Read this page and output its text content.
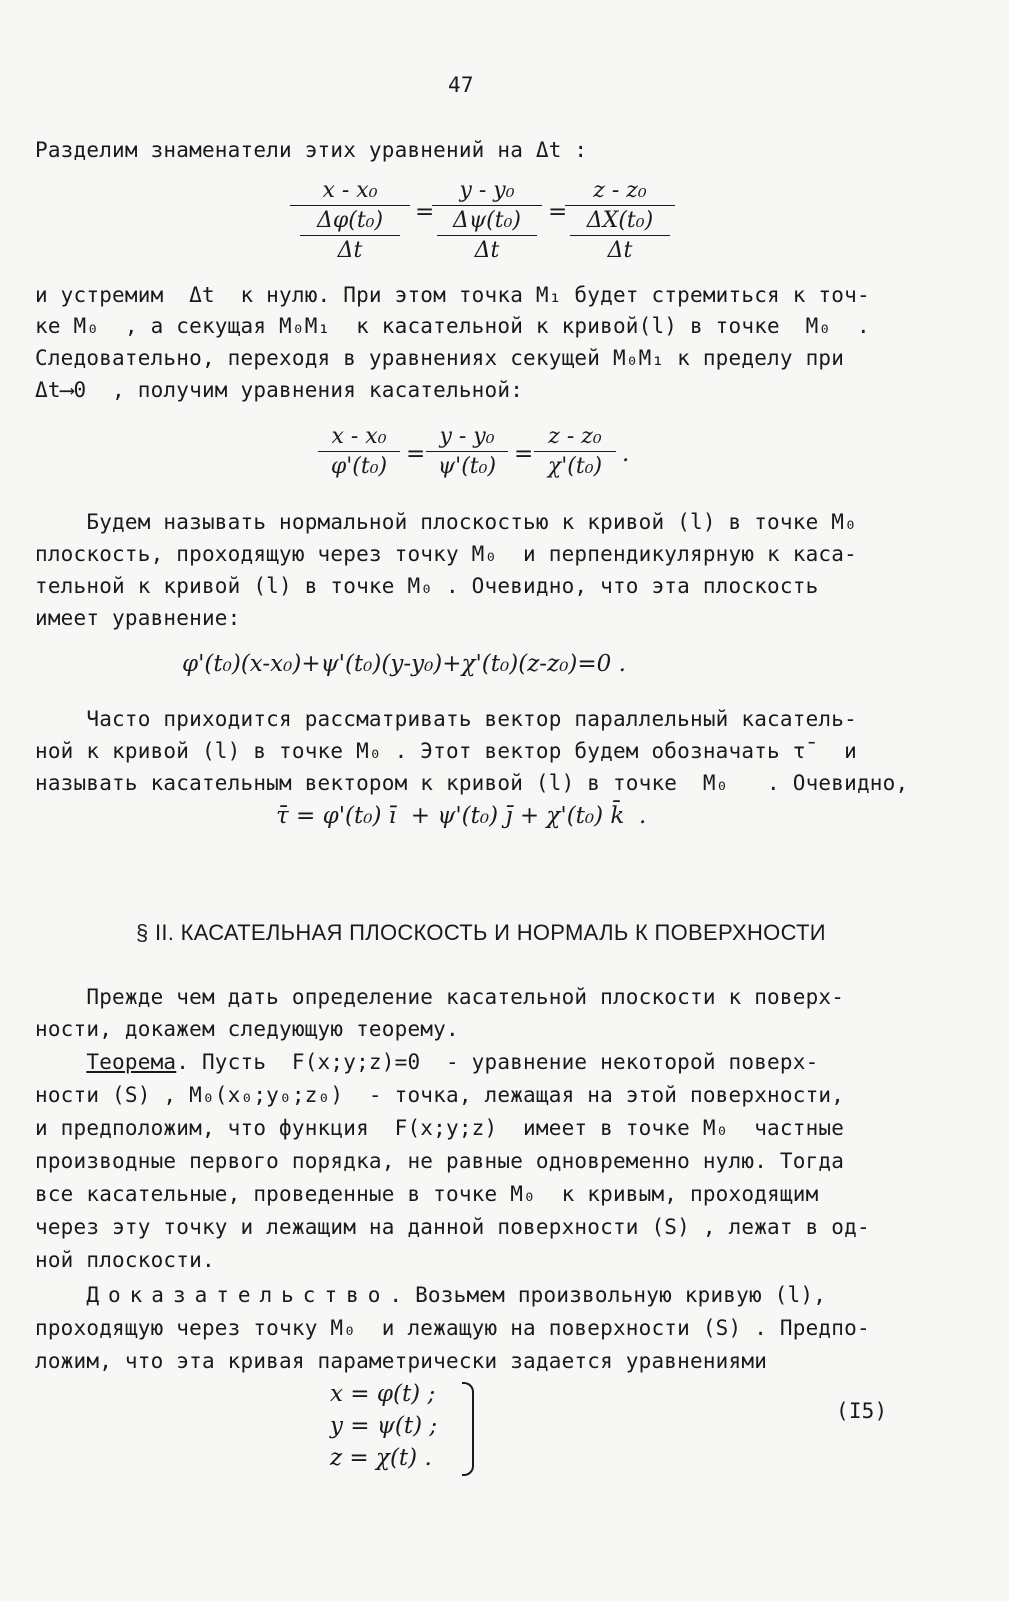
47
Разделим знаменатели этих уравнений на Δt :
x - x₀
$\frac{\text{Δφ(t₀)}}{\Delta t}$ =
y - y₀
$\frac{\text{Δψ(t₀)}}{\Delta t}$ =
z - z₀
$\frac{\text{ΔX(t₀)}}{\Delta t}$
и устремим  Δt  к нулю. При этом точка M₁ будет стремиться к точ-
ке M₀  , а секущая M₀M₁  к касательной к кривой(l) в точке  M₀  .
Следовательно, переходя в уравнениях секущей M₀M₁ к пределу при
Δt⟶0  , получим уравнения касательной:
x - x₀
φ'(t₀) =
y - y₀
ψ'(t₀) =
z - z₀
χ'(t₀) .
Будем называть нормальной плоскостью к кривой (l) в точке M₀
плоскость, проходящую через точку M₀  и перпендикулярную к каса-
тельной к кривой (l) в точке M₀ . Очевидно, что эта плоскость
имеет уравнение:
φ'(t₀)(x-x₀)+ψ'(t₀)(y-y₀)+χ'(t₀)(z-z₀)=0 .
Часто приходится рассматривать вектор параллельный касатель-
ной к кривой (l) в точке M₀ . Этот вектор будем обозначать τ̄   и
называть касательным вектором к кривой (l) в точке  M₀   . Очевидно,
τ̄ = φ'(t₀) ī  + ψ'(t₀) j̄ + χ'(t₀) k̄  .
§ II. КАСАТЕЛЬНАЯ ПЛОСКОСТЬ И НОРМАЛЬ К ПОВЕРХНОСТИ
Прежде чем дать определение касательной плоскости к поверх-
ности, докажем следующую теорему.
Теорема. Пусть  F(x;y;z)=0  - уравнение некоторой поверх-
ности (S) , M₀(x₀;y₀;z₀)  - точка, лежащая на этой поверхности,
и предположим, что функция  F(x;y;z)  имеет в точке M₀  частные
производные первого порядка, не равные одновременно нулю. Тогда
все касательные, проведенные в точке M₀  к кривым, проходящим
через эту точку и лежащим на данной поверхности (S) , лежат в од-
ной плоскости.
Доказательство. Возьмем произвольную кривую (l),
проходящую через точку M₀  и лежащую на поверхности (S) . Предпо-
ложим, что эта кривая параметрически задается уравнениями
x = φ(t) ;
y = ψ(t) ;
z = χ(t) .
(I5)
